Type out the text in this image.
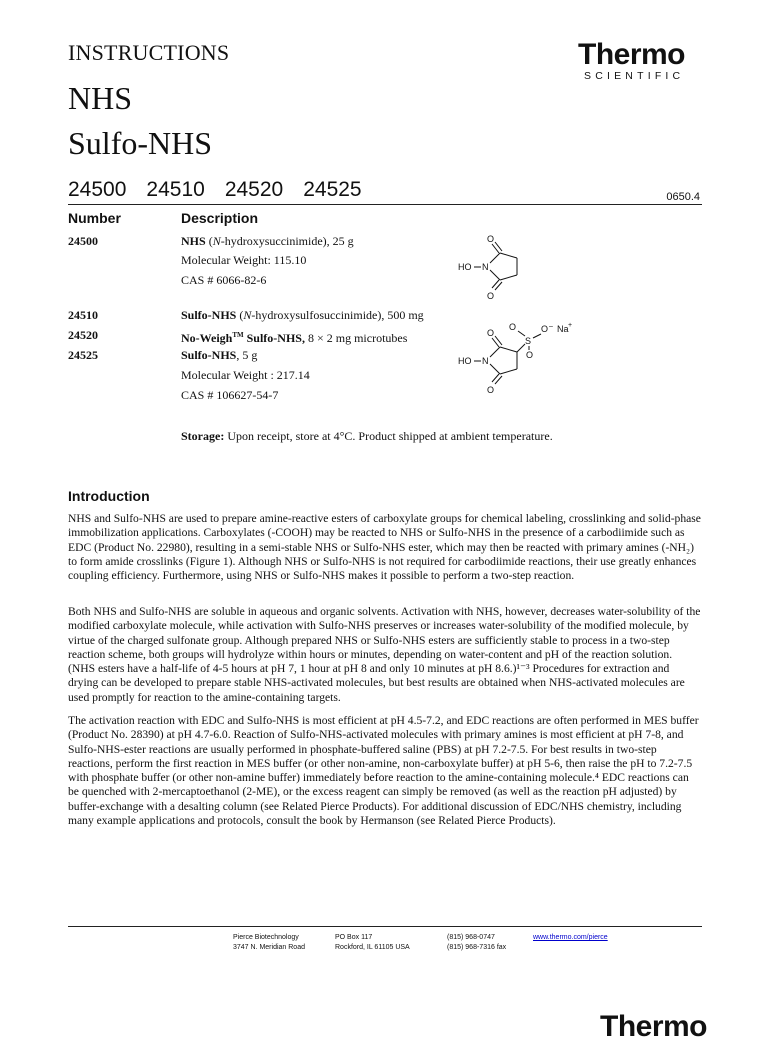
INSTRUCTIONS
NHS
Sulfo-NHS
Thermo
SCIENTIFIC
24500 24510 24520 24525	0650.4
Number	Description
24500	NHS (N-hydroxysuccinimide), 25 g
Molecular Weight: 115.10
CAS # 6066-82-6
O
O
HO N
24510	Sulfo-NHS (N-hydroxysulfosuccinimide), 500 mg
24520	No-Weigh™ Sulfo-NHS, 8 × 2 mg microtubes
24525	Sulfo-NHS, 5 g
Molecular Weight : 217.14
CAS # 106627-54-7
O
O
HO N
S
O
O
O – Na +
Storage: Upon receipt, store at 4°C. Product shipped at ambient temperature.
Introduction
NHS and Sulfo-NHS are used to prepare amine-reactive esters of carboxylate groups for chemical labeling, crosslinking and solid-phase immobilization applications. Carboxylates (-COOH) may be reacted to NHS or Sulfo-NHS in the presence of a carbodiimide such as EDC (Product No. 22980), resulting in a semi-stable NHS or Sulfo-NHS ester, which may then be reacted with primary amines (-NH₂) to form amide crosslinks (Figure 1). Although NHS or Sulfo-NHS is not required for carbodiimide reactions, their use greatly enhances coupling efficiency. Furthermore, using NHS or Sulfo-NHS makes it possible to perform a two-step reaction.
Both NHS and Sulfo-NHS are soluble in aqueous and organic solvents. Activation with NHS, however, decreases water-solubility of the modified carboxylate molecule, while activation with Sulfo-NHS preserves or increases water-solubility of the modified molecule, by virtue of the charged sulfonate group. Although prepared NHS or Sulfo-NHS esters are sufficiently stable to process in a two-step reaction scheme, both groups will hydrolyze within hours or minutes, depending on water-content and pH of the reaction solution. (NHS esters have a half-life of 4-5 hours at pH 7, 1 hour at pH 8 and only 10 minutes at pH 8.6.)¹⁻³ Procedures for extraction and drying can be developed to prepare stable NHS-activated molecules, but best results are obtained when NHS-activated molecules are used promptly for reaction to the amine-containing targets.
The activation reaction with EDC and Sulfo-NHS is most efficient at pH 4.5-7.2, and EDC reactions are often performed in MES buffer (Product No. 28390) at pH 4.7-6.0. Reaction of Sulfo-NHS-activated molecules with primary amines is most efficient at pH 7-8, and Sulfo-NHS-ester reactions are usually performed in phosphate-buffered saline (PBS) at pH 7.2-7.5. For best results in two-step reactions, perform the first reaction in MES buffer (or other non-amine, non-carboxylate buffer) at pH 5-6, then raise the pH to 7.2-7.5 with phosphate buffer (or other non-amine buffer) immediately before reaction to the amine-containing molecule.⁴ EDC reactions can be quenched with 2-mercaptoethanol (2-ME), or the excess reagent can simply be removed (as well as the reaction pH adjusted) by buffer-exchange with a desalting column (see Related Pierce Products). For additional discussion of EDC/NHS chemistry, including many example applications and protocols, consult the book by Hermanson (see Related Pierce Products).
Pierce Biotechnology
3747 N. Meridian Road
PO Box 117
Rockford, IL 61105 USA
(815) 968-0747
(815) 968-7316 fax
www.thermo.com/pierce
Thermo
